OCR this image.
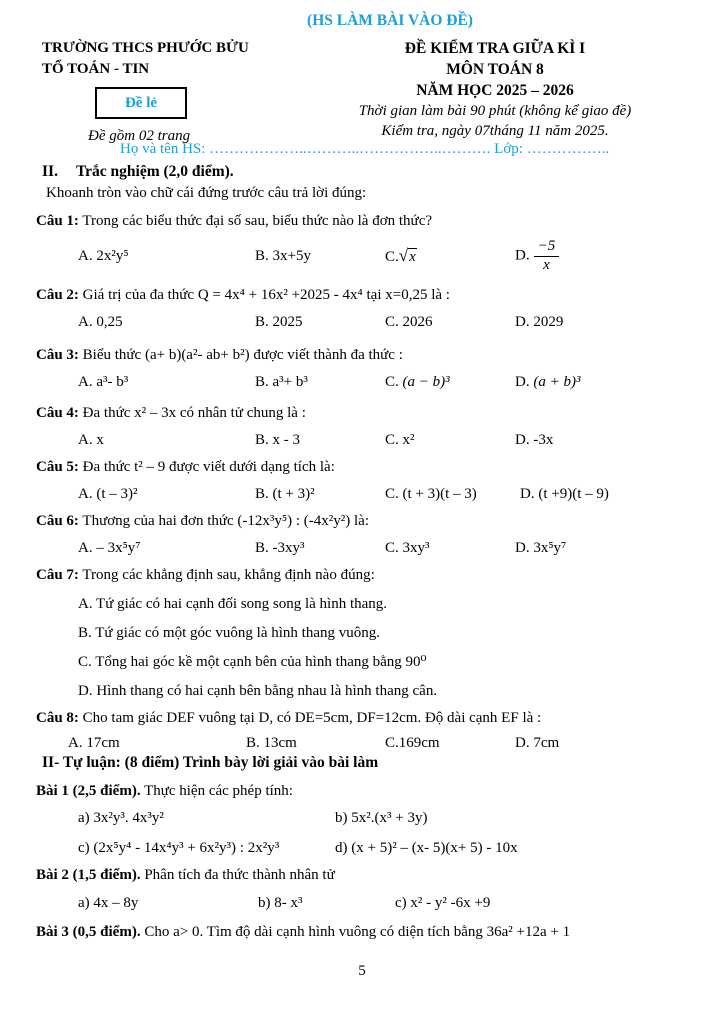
(HS LÀM BÀI VÀO ĐỀ)
TRƯỜNG THCS PHƯỚC BỬU
TỔ TOÁN - TIN
Đề lẻ
Đề gồm 02 trang
ĐỀ KIỂM TRA GIỮA KÌ I
MÔN TOÁN 8
NĂM HỌC 2025 – 2026
Thời gian làm bài 90 phút (không kể giao đề)
Kiểm tra, ngày 07tháng 11 năm 2025.
Họ và tên HS: ………………..………..……………..………. Lớp: ……………..
II. Trắc nghiệm (2,0 điểm).
Khoanh tròn vào chữ cái đứng trước câu trả lời đúng:
Câu 1: Trong các biểu thức đại số sau, biểu thức nào là đơn thức?
A. 2x²y⁵	B. 3x+5y	C.√x	D. $\frac{-5}{x}$
Câu 2: Giá trị của đa thức Q = 4x⁴ + 16x² +2025 - 4x⁴ tại x=0,25 là :
A. 0,25	B. 2025	C. 2026	D. 2029
Câu 3: Biểu thức (a+ b)(a²- ab+ b²) được viết thành đa thức :
A. a³- b³	B. a³+ b³	C. (a − b)³	D. (a + b)³
Câu 4: Đa thức x² – 3x có nhân tử chung là :
A. x	B. x - 3	C. x²	D. -3x
Câu 5: Đa thức t² – 9 được viết dưới dạng tích là:
A. (t – 3)²	B. (t + 3)²	C. (t + 3)(t – 3)	D. (t +9)(t – 9)
Câu 6: Thương của hai đơn thức (-12x³y⁵) : (-4x²y²) là:
A. – 3x⁵y⁷	B. -3xy³	C. 3xy³	D. 3x⁵y⁷
Câu 7: Trong các khẳng định sau, khẳng định nào đúng:
A. Tứ giác có hai cạnh đối song song là hình thang.
B. Tứ giác có một góc vuông là hình thang vuông.
C. Tổng hai góc kề một cạnh bên của hình thang bằng 90⁰
D. Hình thang có hai cạnh bên bằng nhau là hình thang cân.
Câu 8: Cho tam giác DEF vuông tại D, có DE=5cm, DF=12cm. Độ dài cạnh EF là :
A. 17cm	B. 13cm	C.169cm	D. 7cm
II- Tự luận: (8 điểm) Trình bày lời giải vào bài làm
Bài 1 (2,5 điểm). Thực hiện các phép tính:
a) 3x²y³. 4x³y²	b) 5x².(x³ + 3y)
c) (2x⁵y⁴ - 14x⁴y³ + 6x²y³) : 2x²y³	d) (x + 5)² – (x- 5)(x+ 5) - 10x
Bài 2 (1,5 điểm). Phân tích đa thức thành nhân tử
a) 4x – 8y	b) 8- x³	c) x² - y² -6x +9
Bài 3 (0,5 điểm). Cho a> 0. Tìm độ dài cạnh hình vuông có diện tích bằng 36a² +12a + 1
5
